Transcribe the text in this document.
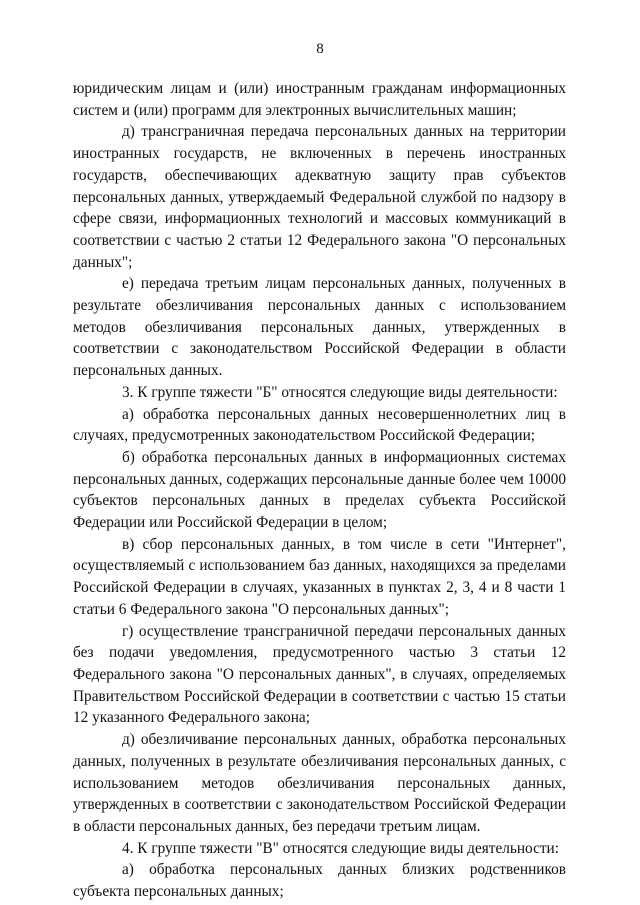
8

юридическим лицам и (или) иностранным гражданам информационных систем и (или) программ для электронных вычислительных машин;

д) трансграничная передача персональных данных на территории иностранных государств, не включенных в перечень иностранных государств, обеспечивающих адекватную защиту прав субъектов персональных данных, утверждаемый Федеральной службой по надзору в сфере связи, информационных технологий и массовых коммуникаций в соответствии с частью 2 статьи 12 Федерального закона "О персональных данных";

е) передача третьим лицам персональных данных, полученных в результате обезличивания персональных данных с использованием методов обезличивания персональных данных, утвержденных в соответствии с законодательством Российской Федерации в области персональных данных.

3. К группе тяжести "Б" относятся следующие виды деятельности:

а) обработка персональных данных несовершеннолетних лиц в случаях, предусмотренных законодательством Российской Федерации;

б) обработка персональных данных в информационных системах персональных данных, содержащих персональные данные более чем 10000 субъектов персональных данных в пределах субъекта Российской Федерации или Российской Федерации в целом;

в) сбор персональных данных, в том числе в сети "Интернет", осуществляемый с использованием баз данных, находящихся за пределами Российской Федерации в случаях, указанных в пунктах 2, 3, 4 и 8 части 1 статьи 6 Федерального закона "О персональных данных";

г) осуществление трансграничной передачи персональных данных без подачи уведомления, предусмотренного частью 3 статьи 12 Федерального закона "О персональных данных", в случаях, определяемых Правительством Российской Федерации в соответствии с частью 15 статьи 12 указанного Федерального закона;

д) обезличивание персональных данных, обработка персональных данных, полученных в результате обезличивания персональных данных, с использованием методов обезличивания персональных данных, утвержденных в соответствии с законодательством Российской Федерации в области персональных данных, без передачи третьим лицам.

4. К группе тяжести "В" относятся следующие виды деятельности:

а) обработка персональных данных близких родственников субъекта персональных данных;
